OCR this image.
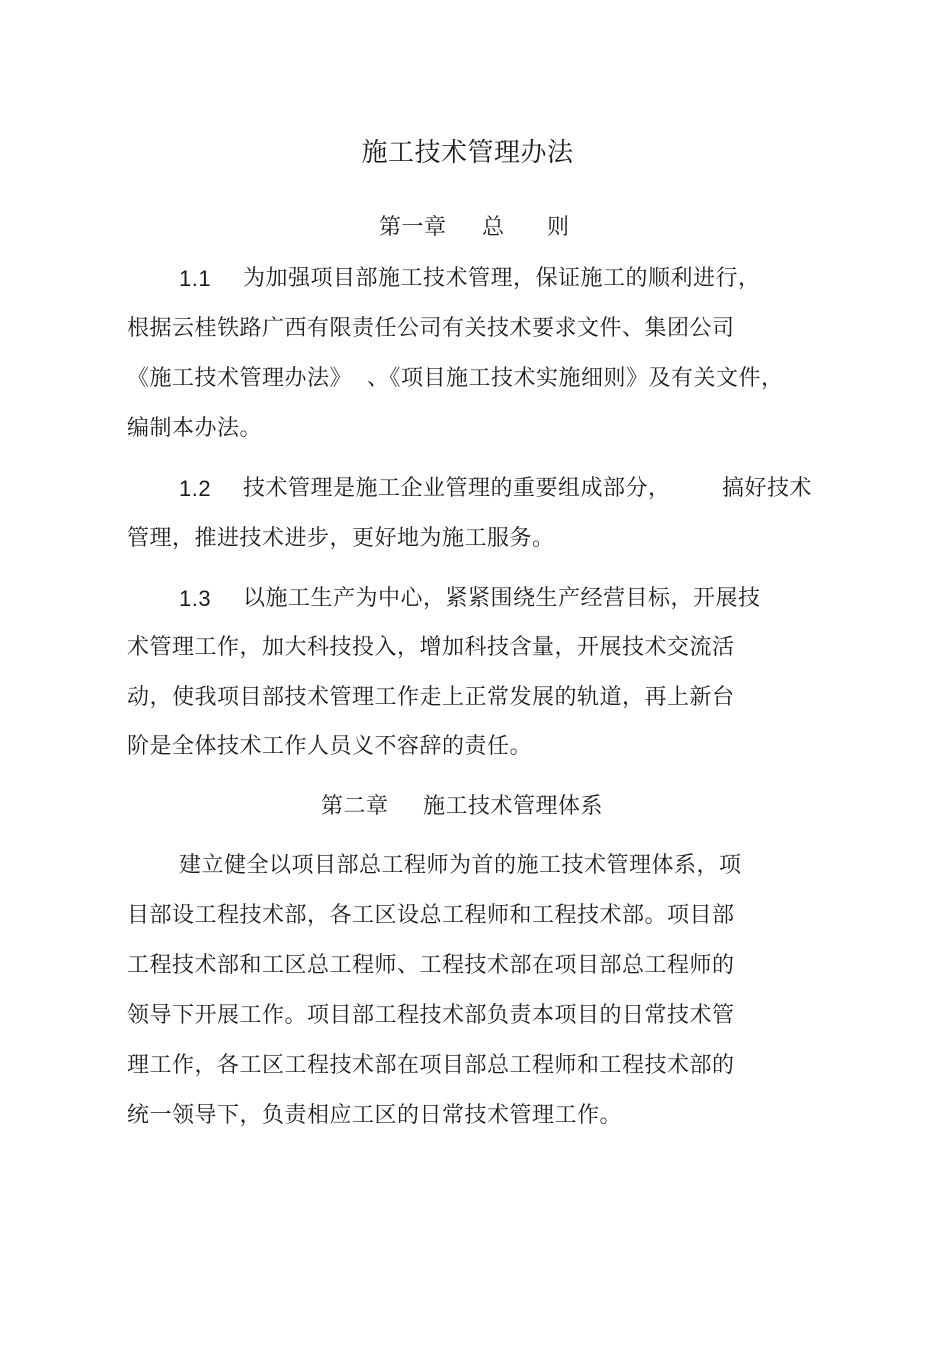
施工技术管理办法
第一章 总 则
1.1 为加强项目部施工技术管理，保证施工的顺利进行，
根据云桂铁路广西有限责任公司有关技术要求文件、集团公司
《施工技术管理办法》 、《项目施工技术实施细则》及有关文件，
编制本办法。
1.2 技术管理是施工企业管理的重要组成部分， 搞好技术
管理，推进技术进步，更好地为施工服务。
1.3 以施工生产为中心，紧紧围绕生产经营目标，开展技
术管理工作，加大科技投入，增加科技含量，开展技术交流活
动，使我项目部技术管理工作走上正常发展的轨道，再上新台
阶是全体技术工作人员义不容辞的责任。
第二章 施工技术管理体系
建立健全以项目部总工程师为首的施工技术管理体系，项
目部设工程技术部，各工区设总工程师和工程技术部。项目部
工程技术部和工区总工程师、工程技术部在项目部总工程师的
领导下开展工作。项目部工程技术部负责本项目的日常技术管
理工作，各工区工程技术部在项目部总工程师和工程技术部的
统一领导下，负责相应工区的日常技术管理工作。
